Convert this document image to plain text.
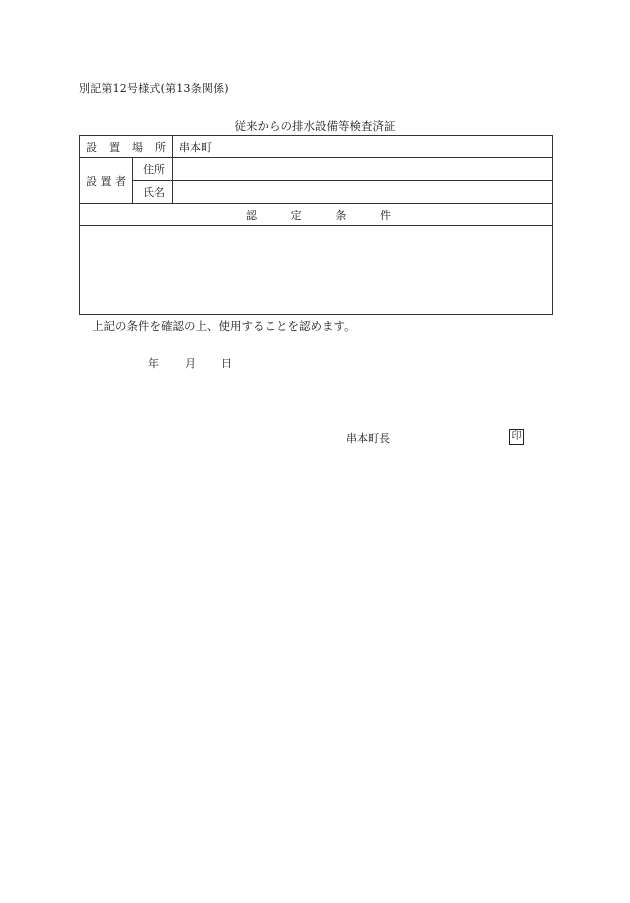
別記第12号様式(第13条関係)
従来からの排水設備等検査済証
設 置 場 所		串本町
設 置 者	住 所	

	氏 名	

認 定 条 件		

上記の条件を確認の上、使用することを認めます。
年 月 日
串本町長	印
